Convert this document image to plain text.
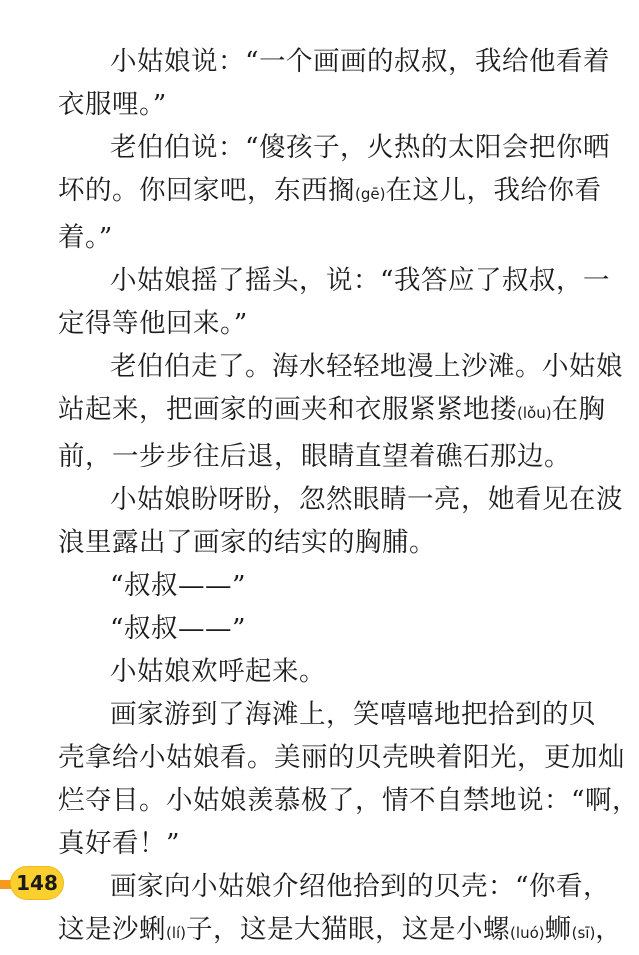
小姑娘说：“一个画画的叔叔，我给他看着
衣服哩。”

老伯伯说：“傻孩子，火热的太阳会把你晒
坏的。你回家吧，东西搁(gē)在这儿，我给你看
着。”

小姑娘摇了摇头，说：“我答应了叔叔，一
定得等他回来。”

老伯伯走了。海水轻轻地漫上沙滩。小姑娘
站起来，把画家的画夹和衣服紧紧地搂(lǒu)在胸
前，一步步往后退，眼睛直望着礁石那边。

小姑娘盼呀盼，忽然眼睛一亮，她看见在波
浪里露出了画家的结实的胸脯。

“叔叔——”

“叔叔——”

小姑娘欢呼起来。

画家游到了海滩上，笑嘻嘻地把拾到的贝
壳拿给小姑娘看。美丽的贝壳映着阳光，更加灿
烂夺目。小姑娘羡慕极了，情不自禁地说：“啊，
真好看！”

画家向小姑娘介绍他拾到的贝壳：“你看，
这是沙蜊(lí)子，这是大猫眼，这是小螺(luó)蛳(sī)，

148
